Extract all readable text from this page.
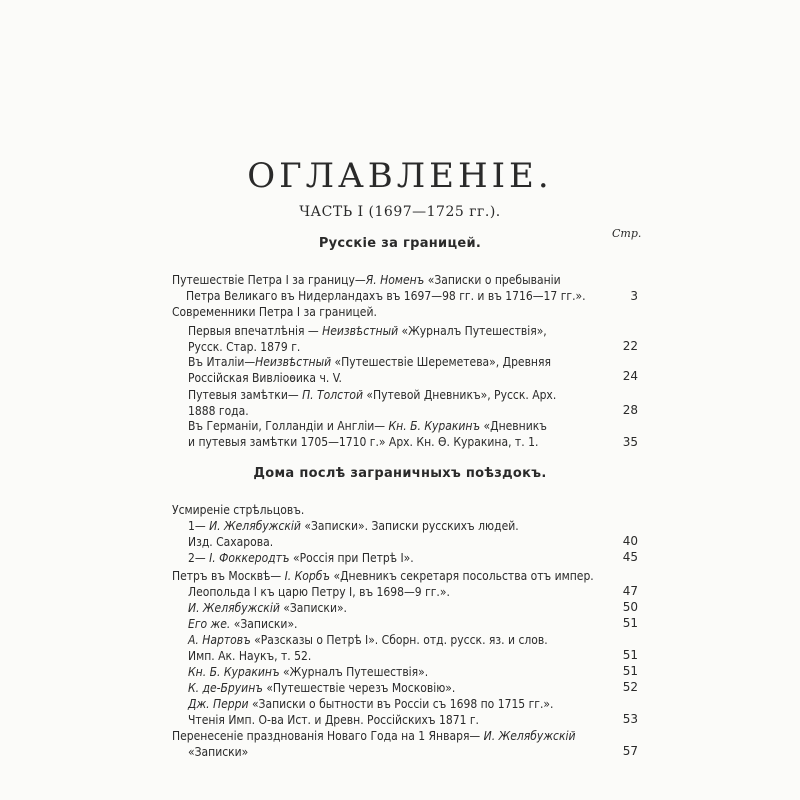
ОГЛАВЛЕНІЕ.
ЧАСТЬ I (1697—1725 гг.).
Стр.
Русскіе за границей.
Путешествіе Петра I за границу—Я. Номенъ «Записки о пребываніи
Петра Великаго въ Нидерландахъ въ 1697—98 гг. и въ 1716—17 гг.».	3
Современники Петра I за границей.
Первыя впечатлѣнія — Неизвѣстный «Журналъ Путешествія»,
Русск. Стар. 1879 г.	22
Въ Италіи—Неизвѣстный «Путешествіе Шереметева», Древняя
Россійская Вивліоѳика ч. V.	24
Путевыя замѣтки— П. Толстой «Путевой Дневникъ», Русск. Арх.
1888 года.	28
Въ Германіи, Голландіи и Англіи— Кн. Б. Куракинъ «Дневникъ
и путевыя замѣтки 1705—1710 г.» Арх. Кн. Ѳ. Куракина, т. 1.	35
Дома послѣ заграничныхъ поѣздокъ.
Усмиреніе стрѣльцовъ.
1— И. Желябужскій «Записки». Записки русскихъ людей.
Изд. Сахарова.	40
2— I. Фоккеродтъ «Россія при Петрѣ I».	45
Петръ въ Москвѣ— I. Корбъ «Дневникъ секретаря посольства отъ импер.
Леопольда I къ царю Петру I, въ 1698—9 гг.».	47
И. Желябужскій «Записки».	50
Его же. «Записки».	51
А. Нартовъ «Разсказы о Петрѣ I». Сборн. отд. русск. яз. и слов.
Имп. Ак. Наукъ, т. 52.	51
Кн. Б. Куракинъ «Журналъ Путешествія».	51
К. де-Бруинъ «Путешествіе черезъ Московію».	52
Дж. Перри «Записки о бытности въ Россіи съ 1698 по 1715 гг.».
Чтенія Имп. О-ва Ист. и Древн. Россійскихъ 1871 г.	53
Перенесеніе празднованія Новаго Года на 1 Января— И. Желябужскій
«Записки»	57
